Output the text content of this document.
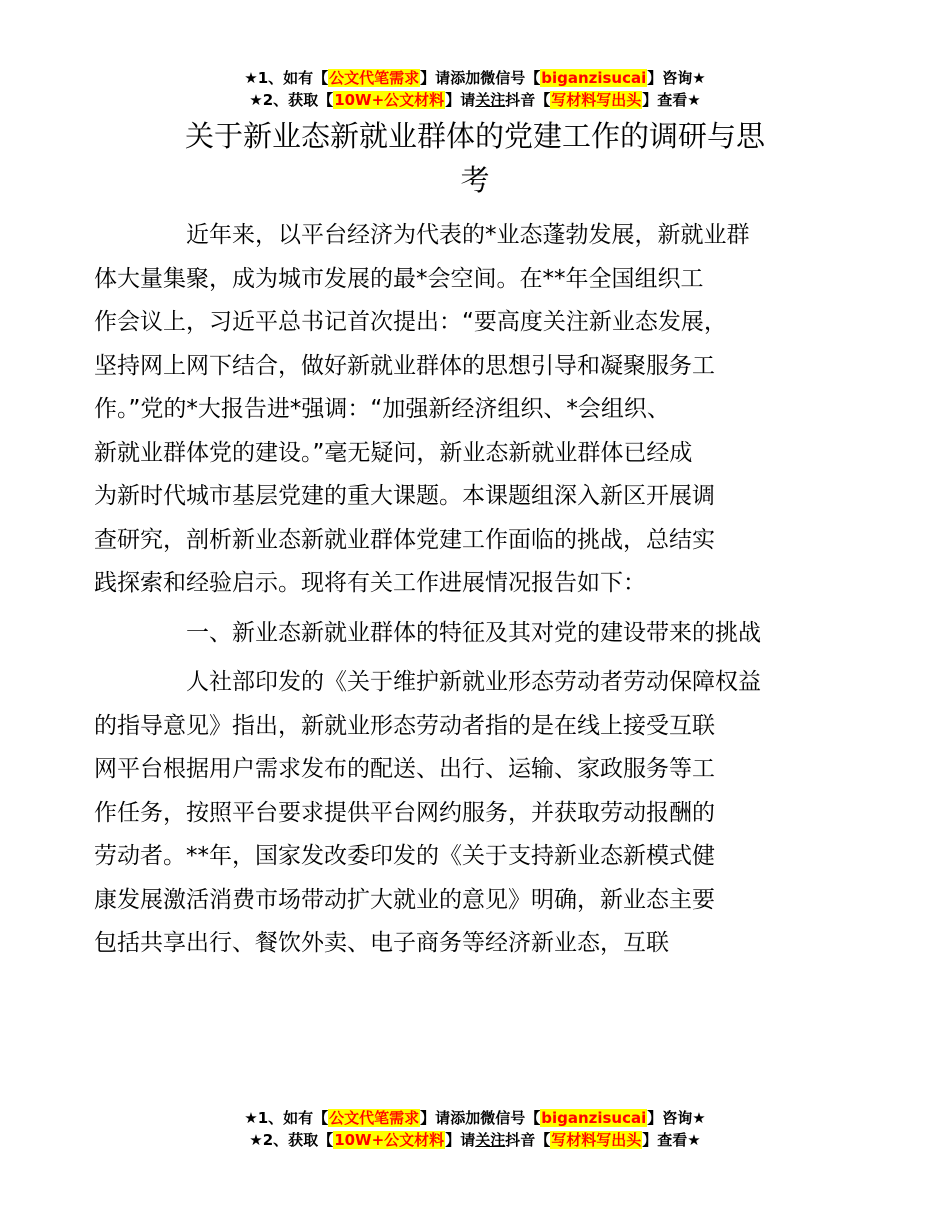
★1、如有【公文代笔需求】请添加微信号【biganzisucai】咨询★
★2、获取【10W+公文材料】请关注抖音【写材料写出头】查看★
关于新业态新就业群体的党建工作的调研与思
考

近年来，以平台经济为代表的*业态蓬勃发展，新就业群
体大量集聚，成为城市发展的最*会空间。在**年全国组织工
作会议上，习近平总书记首次提出：“要高度关注新业态发展，
坚持网上网下结合，做好新就业群体的思想引导和凝聚服务工
作。”党的*大报告进*强调：“加强新经济组织、*会组织、
新就业群体党的建设。”毫无疑问，新业态新就业群体已经成
为新时代城市基层党建的重大课题。本课题组深入新区开展调
查研究，剖析新业态新就业群体党建工作面临的挑战，总结实
践探索和经验启示。现将有关工作进展情况报告如下：

一、新业态新就业群体的特征及其对党的建设带来的挑战

人社部印发的《关于维护新就业形态劳动者劳动保障权益
的指导意见》指出，新就业形态劳动者指的是在线上接受互联
网平台根据用户需求发布的配送、出行、运输、家政服务等工
作任务，按照平台要求提供平台网约服务，并获取劳动报酬的
劳动者。**年，国家发改委印发的《关于支持新业态新模式健
康发展激活消费市场带动扩大就业的意见》明确，新业态主要
包括共享出行、餐饮外卖、电子商务等经济新业态，互联

★1、如有【公文代笔需求】请添加微信号【biganzisucai】咨询★
★2、获取【10W+公文材料】请关注抖音【写材料写出头】查看★
